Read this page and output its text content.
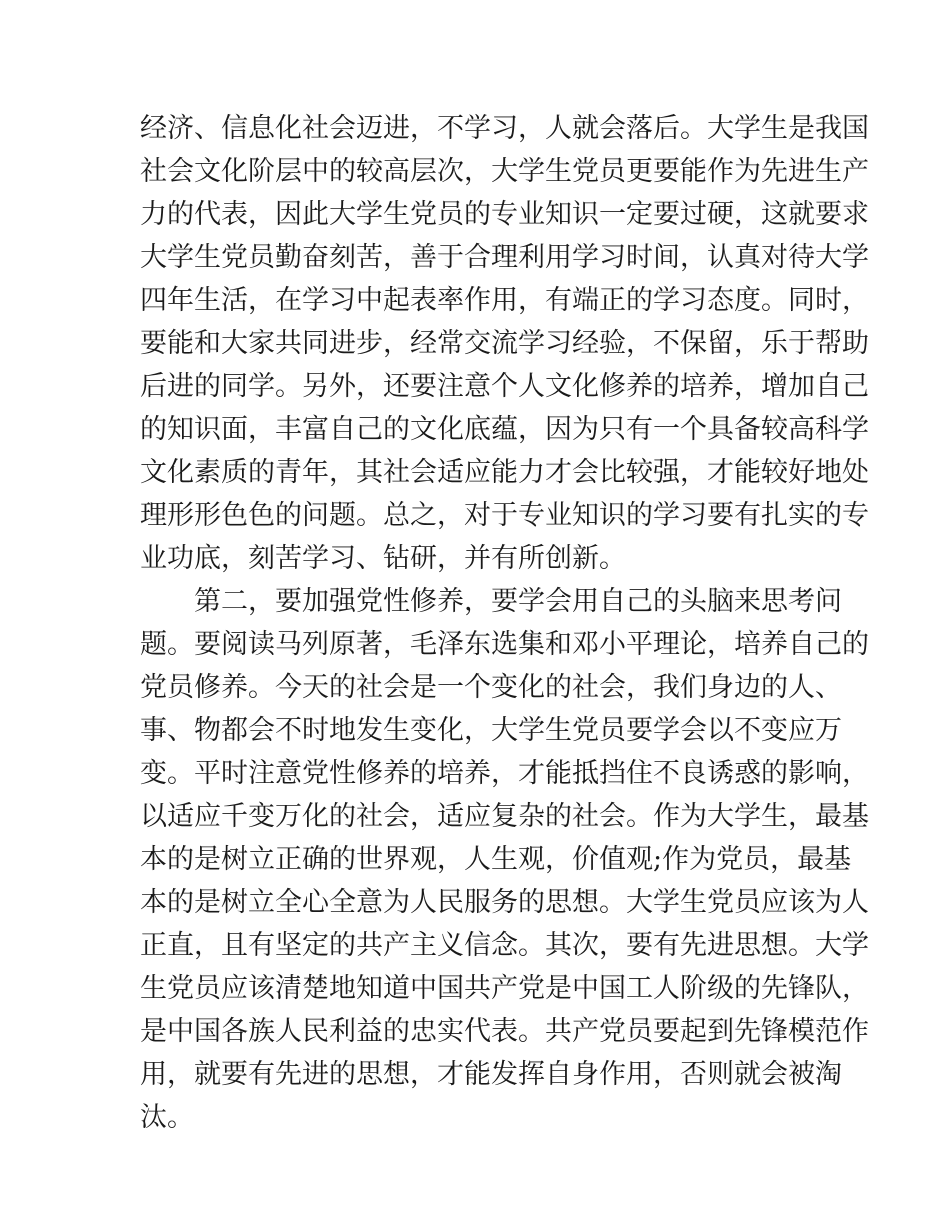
经济、信息化社会迈进，不学习，人就会落后。大学生是我国
社会文化阶层中的较高层次，大学生党员更要能作为先进生产
力的代表，因此大学生党员的专业知识一定要过硬，这就要求
大学生党员勤奋刻苦，善于合理利用学习时间，认真对待大学
四年生活，在学习中起表率作用，有端正的学习态度。同时，
要能和大家共同进步，经常交流学习经验，不保留，乐于帮助
后进的同学。另外，还要注意个人文化修养的培养，增加自己
的知识面，丰富自己的文化底蕴，因为只有一个具备较高科学
文化素质的青年，其社会适应能力才会比较强，才能较好地处
理形形色色的问题。总之，对于专业知识的学习要有扎实的专
业功底，刻苦学习、钻研，并有所创新。
第二，要加强党性修养，要学会用自己的头脑来思考问
题。要阅读马列原著，毛泽东选集和邓小平理论，培养自己的
党员修养。今天的社会是一个变化的社会，我们身边的人、
事、物都会不时地发生变化，大学生党员要学会以不变应万
变。平时注意党性修养的培养，才能抵挡住不良诱惑的影响，
以适应千变万化的社会，适应复杂的社会。作为大学生，最基
本的是树立正确的世界观，人生观，价值观;作为党员，最基
本的是树立全心全意为人民服务的思想。大学生党员应该为人
正直，且有坚定的共产主义信念。其次，要有先进思想。大学
生党员应该清楚地知道中国共产党是中国工人阶级的先锋队，
是中国各族人民利益的忠实代表。共产党员要起到先锋模范作
用，就要有先进的思想，才能发挥自身作用，否则就会被淘
汰。
